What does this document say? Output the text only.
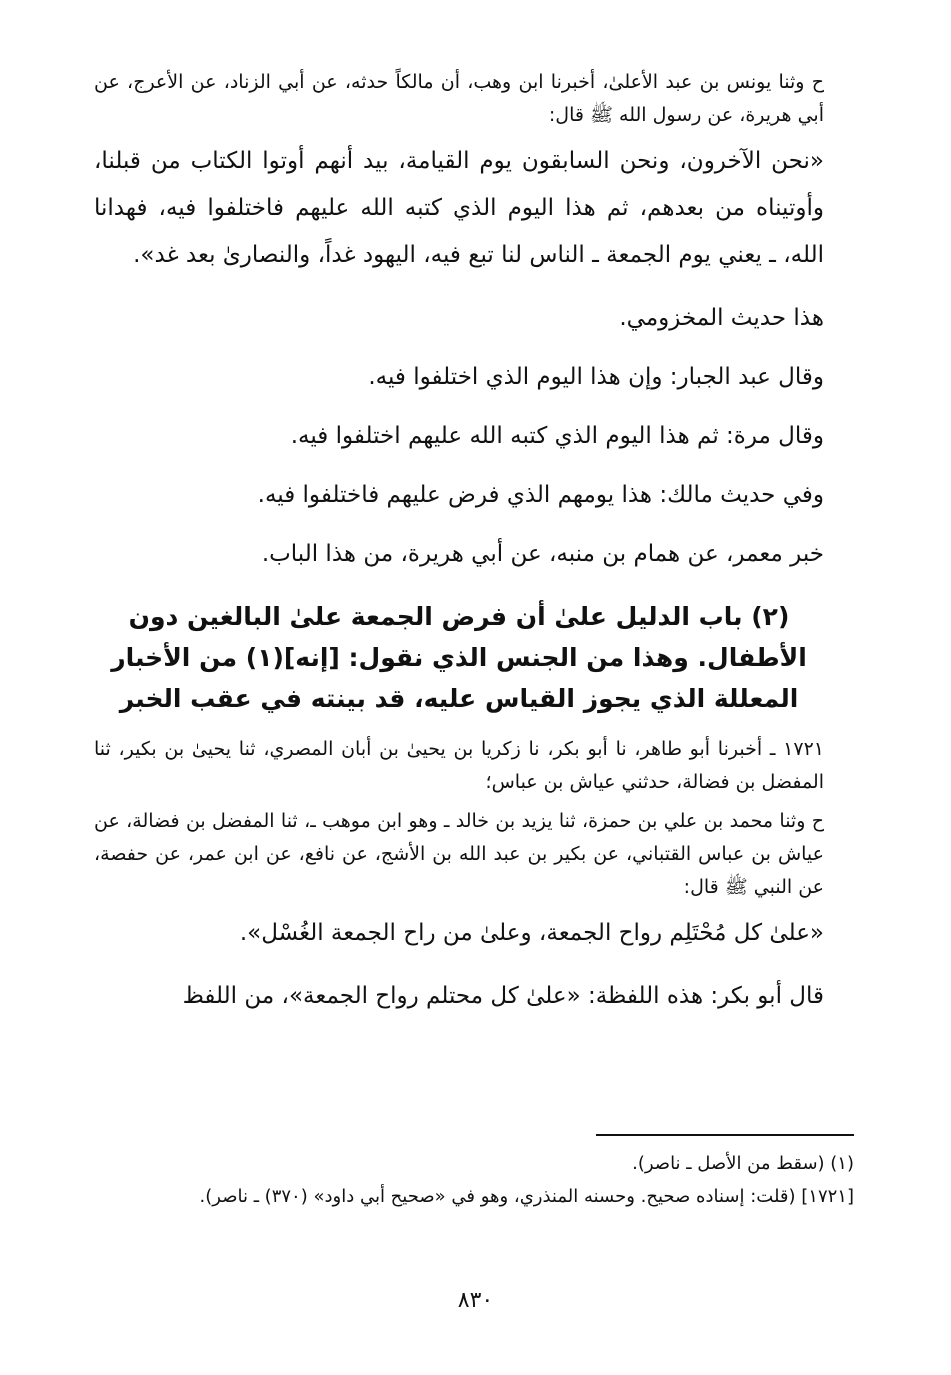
ح وثنا يونس بن عبد الأعلىٰ، أخبرنا ابن وهب، أن مالكاً حدثه، عن أبي الزناد، عن الأعرج، عن أبي هريرة، عن رسول الله ﷺ قال:

«نحن الآخرون، ونحن السابقون يوم القيامة، بيد أنهم أوتوا الكتاب من قبلنا، وأوتيناه من بعدهم، ثم هذا اليوم الذي كتبه الله عليهم فاختلفوا فيه، فهدانا الله، ـ يعني يوم الجمعة ـ الناس لنا تبع فيه، اليهود غداً، والنصارىٰ بعد غد».

هذا حديث المخزومي.

وقال عبد الجبار: وإن هذا اليوم الذي اختلفوا فيه.

وقال مرة: ثم هذا اليوم الذي كتبه الله عليهم اختلفوا فيه.

وفي حديث مالك: هذا يومهم الذي فرض عليهم فاختلفوا فيه.

خبر معمر، عن همام بن منبه، عن أبي هريرة، من هذا الباب.

(٢) باب الدليل علىٰ أن فرض الجمعة علىٰ البالغين دون الأطفال. وهذا من الجنس الذي نقول: [إنه](١) من الأخبار المعللة الذي يجوز القياس عليه، قد بينته في عقب الخبر

١٧٢١ ـ أخبرنا أبو طاهر، نا أبو بكر، نا زكريا بن يحيىٰ بن أبان المصري، ثنا يحيىٰ بن بكير، ثنا المفضل بن فضالة، حدثني عياش بن عباس؛

ح وثنا محمد بن علي بن حمزة، ثنا يزيد بن خالد ـ وهو ابن موهب ـ، ثنا المفضل بن فضالة، عن عياش بن عباس القتباني، عن بكير بن عبد الله بن الأشج، عن نافع، عن ابن عمر، عن حفصة، عن النبي ﷺ قال:

«علىٰ كل مُحْتَلِم رواح الجمعة، وعلىٰ من راح الجمعة الغُسْل».

قال أبو بكر: هذه اللفظة: «علىٰ كل محتلم رواح الجمعة»، من اللفظ

(١) (سقط من الأصل ـ ناصر).

[١٧٢١] (قلت: إسناده صحيح. وحسنه المنذري، وهو في «صحيح أبي داود» (٣٧٠) ـ ناصر).

٨٣٠
